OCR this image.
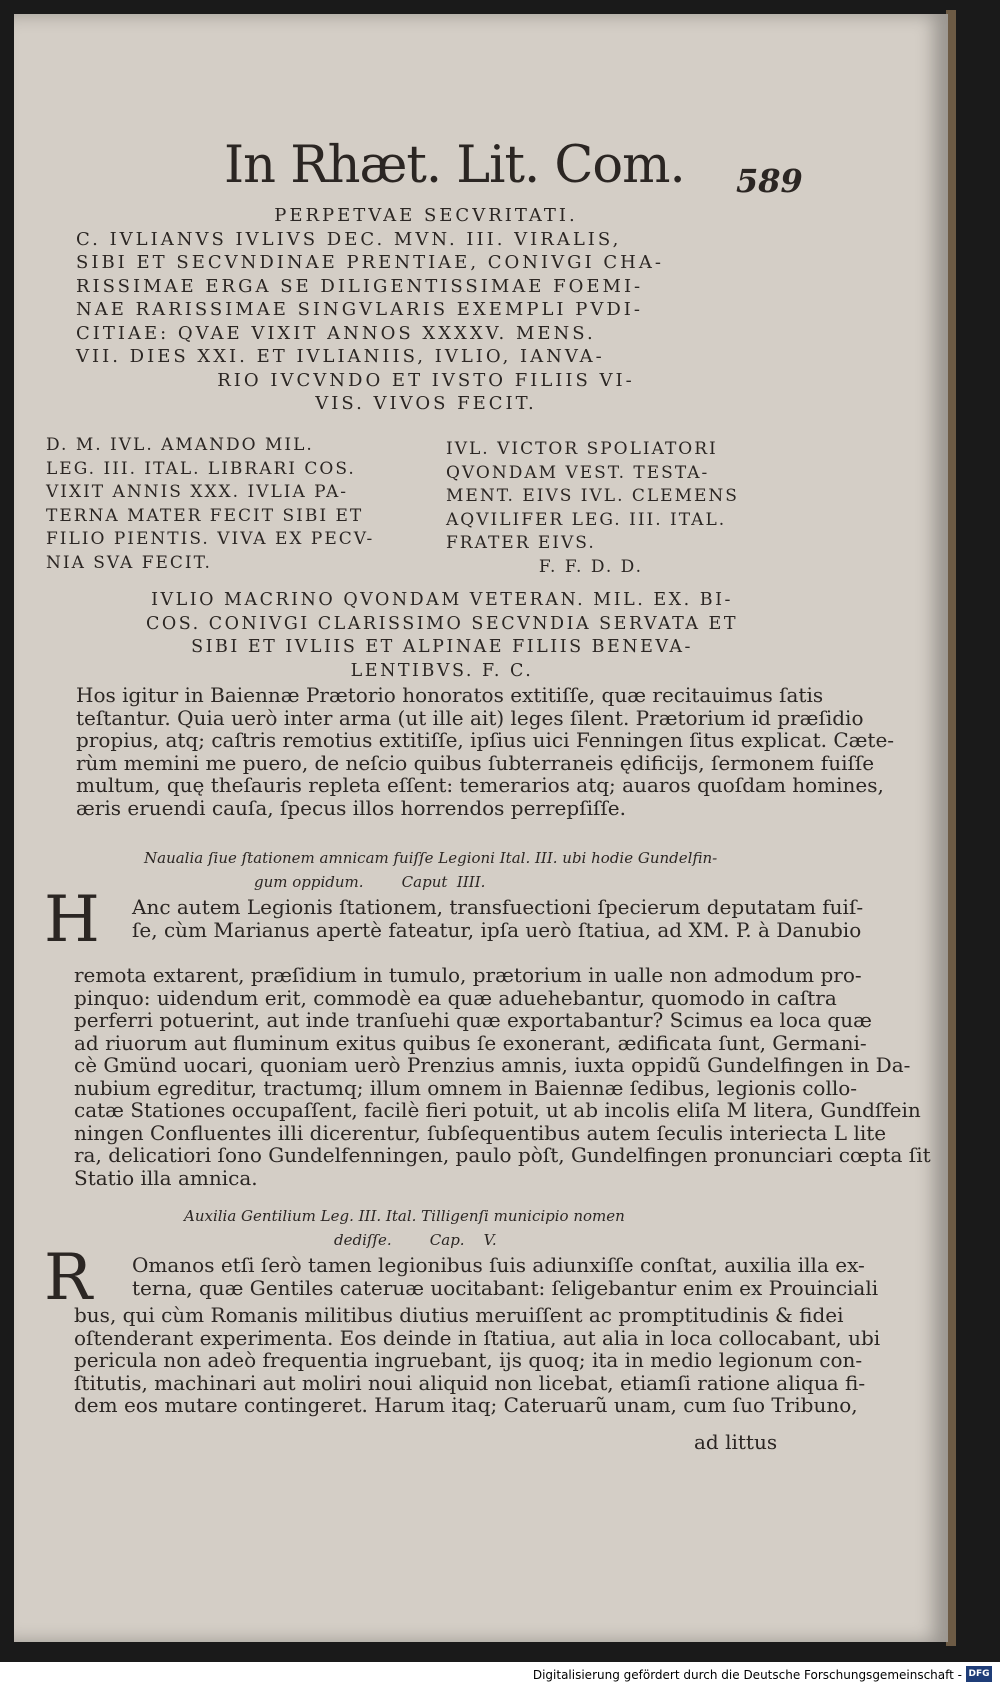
In Rhæt. Lit. Com. 589
PERPETVAE SECVRITATI.
C. IVLIANVS IVLIVS DEC. MVN. III. VIRALIS,
SIBI ET SECVNDINAE PRENTIAE, CONIVGI CHA-
RISSIMAE ERGA SE DILIGENTISSIMAE FOEMI-
NAE RARISSIMAE SINGVLARIS EXEMPLI PVDI-
CITIAE: QVAE VIXIT ANNOS XXXXV. MENS.
VII. DIES XXI. ET IVLIANIIS, IVLIO, IANVA-
RIO IVCVNDO ET IVSTO FILIIS VI-
VIS. VIVOS FECIT.
D. M. IVL. AMANDO MIL.
LEG. III. ITAL. LIBRARI COS.
VIXIT ANNIS XXX. IVLIA PA-
TERNA MATER FECIT SIBI ET
FILIO PIENTIS. VIVA EX PECV-
NIA SVA FECIT.
IVL. VICTOR SPOLIATORI
QVONDAM VEST. TESTA-
MENT. EIVS IVL. CLEMENS
AQVILIFER LEG. III. ITAL.
FRATER EIVS.
F. F. D. D.
IVLIO MACRINO QVONDAM VETERAN. MIL. EX. BI-
COS. CONIVGI CLARISSIMO SECVNDIA SERVATA ET
SIBI ET IVLIIS ET ALPINAE FILIIS BENEVA-
LENTIBVS. F. C.
Hos igitur in Baiennæ Prætorio honoratos extitiſſe, quæ recitauimus ſatis
teſtantur. Quia uerò inter arma (ut ille ait) leges ſilent. Prætorium id præſidio
propius, atq; caſtris remotius extitiſſe, ipſius uici Fenningen ſitus explicat. Cæte-
rùm memini me puero, de neſcio quibus ſubterraneis ędificijs, ſermonem fuiſſe
multum, quę theſauris repleta eſſent: temerarios atq; auaros quoſdam homines,
æris eruendi cauſa, ſpecus illos horrendos perrepſiſſe.
Naualia ſiue ſtationem amnicam fuiſſe Legioni Ital. III. ubi hodie Gundelfin-
gum oppidum.        Caput  IIII.
H Anc autem Legionis ſtationem, transfuectioni ſpecierum deputatam fuiſ-
ſe, cùm Marianus apertè fateatur, ipſa uerò ſtatiua, ad XM. P. à Danubio
remota extarent, præſidium in tumulo, prætorium in ualle non admodum pro-
pinquo: uidendum erit, commodè ea quæ aduehebantur, quomodo in caſtra
perferri potuerint, aut inde tranſuehi quæ exportabantur? Scimus ea loca quæ
ad riuorum aut fluminum exitus quibus ſe exonerant, ædificata ſunt, Germani-
cè Gmünd uocari, quoniam uerò Prenzius amnis, iuxta oppidũ Gundelfingen in Da-
nubium egreditur, tractumq; illum omnem in Baiennæ ſedibus, legionis collo-
catæ Stationes occupaſſent, facilè fieri potuit, ut ab incolis eliſa M litera, Gundſfein
ningen Confluentes illi dicerentur, ſubſequentibus autem ſeculis interiecta L lite
ra, delicatiori ſono Gundelfenningen, paulo pòſt, Gundelfingen pronunciari cœpta ſit
Statio illa amnica.
Auxilia Gentilium Leg. III. Ital. Tilligenſi municipio nomen
dediſſe.        Cap.    V.
R Omanos etſi ſerò tamen legionibus ſuis adiunxiſſe conſtat, auxilia illa ex-
terna, quæ Gentiles cateruæ uocitabant: ſeligebantur enim ex Prouinciali
bus, qui cùm Romanis militibus diutius meruiſſent ac promptitudinis & fidei
oſtenderant experimenta. Eos deinde in ſtatiua, aut alia in loca collocabant, ubi
pericula non adeò frequentia ingruebant, ijs quoq; ita in medio legionum con-
ſtitutis, machinari aut moliri noui aliquid non licebat, etiamſi ratione aliqua fi-
dem eos mutare contingeret. Harum itaq; Cateruarũ unam, cum ſuo Tribuno,
ad littus
Digitalisierung gefördert durch die Deutsche Forschungsgemeinschaft - DFG
